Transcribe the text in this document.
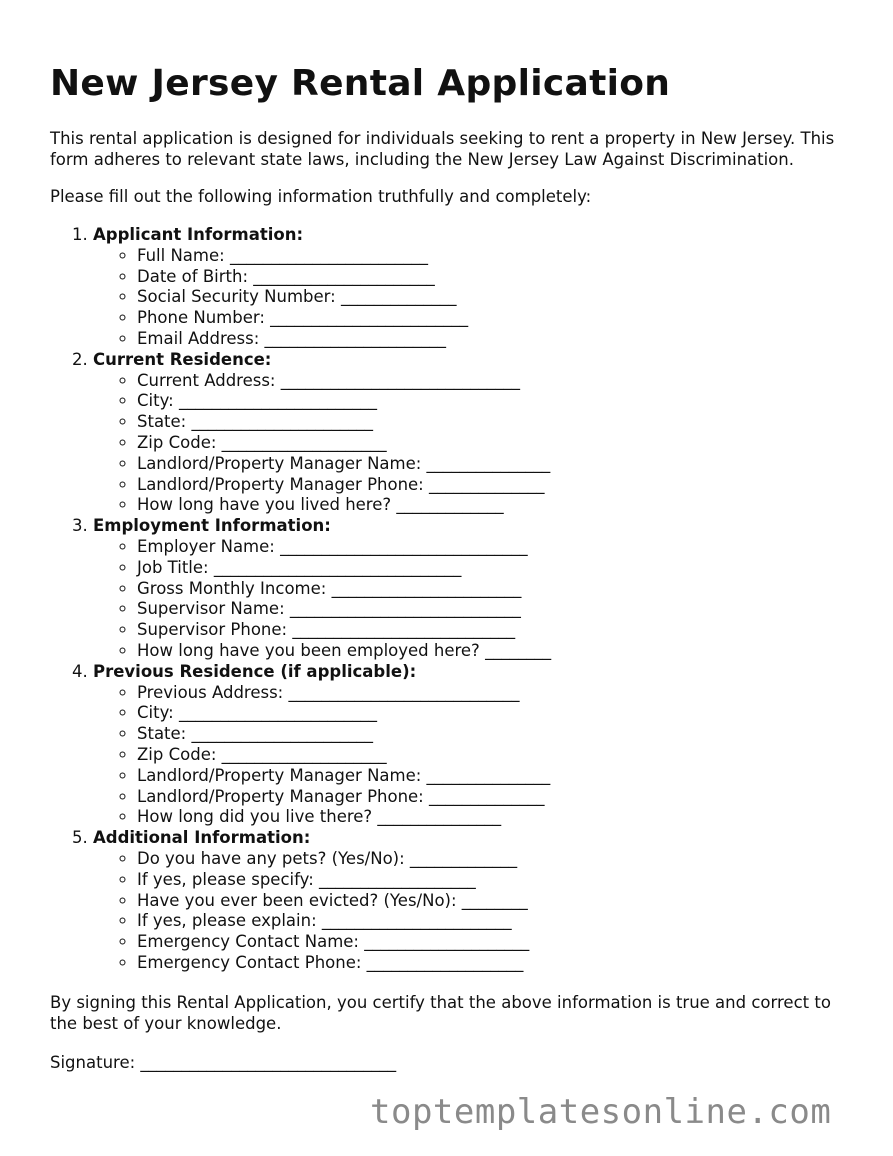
New Jersey Rental Application

This rental application is designed for individuals seeking to rent a property in New Jersey. This form adheres to relevant state laws, including the New Jersey Law Against Discrimination.

Please fill out the following information truthfully and completely:

1. Applicant Information:
◦ Full Name: ________________________
◦ Date of Birth: ______________________
◦ Social Security Number: ______________
◦ Phone Number: ________________________
◦ Email Address: ______________________
2. Current Residence:
◦ Current Address: _____________________________
◦ City: ________________________
◦ State: ______________________
◦ Zip Code: ____________________
◦ Landlord/Property Manager Name: _______________
◦ Landlord/Property Manager Phone: ______________
◦ How long have you lived here? _____________
3. Employment Information:
◦ Employer Name: ______________________________
◦ Job Title: ______________________________
◦ Gross Monthly Income: _______________________
◦ Supervisor Name: ____________________________
◦ Supervisor Phone: ___________________________
◦ How long have you been employed here? ________
4. Previous Residence (if applicable):
◦ Previous Address: ____________________________
◦ City: ________________________
◦ State: ______________________
◦ Zip Code: ____________________
◦ Landlord/Property Manager Name: _______________
◦ Landlord/Property Manager Phone: ______________
◦ How long did you live there? _______________
5. Additional Information:
◦ Do you have any pets? (Yes/No): _____________
◦ If yes, please specify: ___________________
◦ Have you ever been evicted? (Yes/No): ________
◦ If yes, please explain: _______________________
◦ Emergency Contact Name: ____________________
◦ Emergency Contact Phone: ___________________

By signing this Rental Application, you certify that the above information is true and correct to the best of your knowledge.

Signature: _______________________________
toptemplatesonline.com
